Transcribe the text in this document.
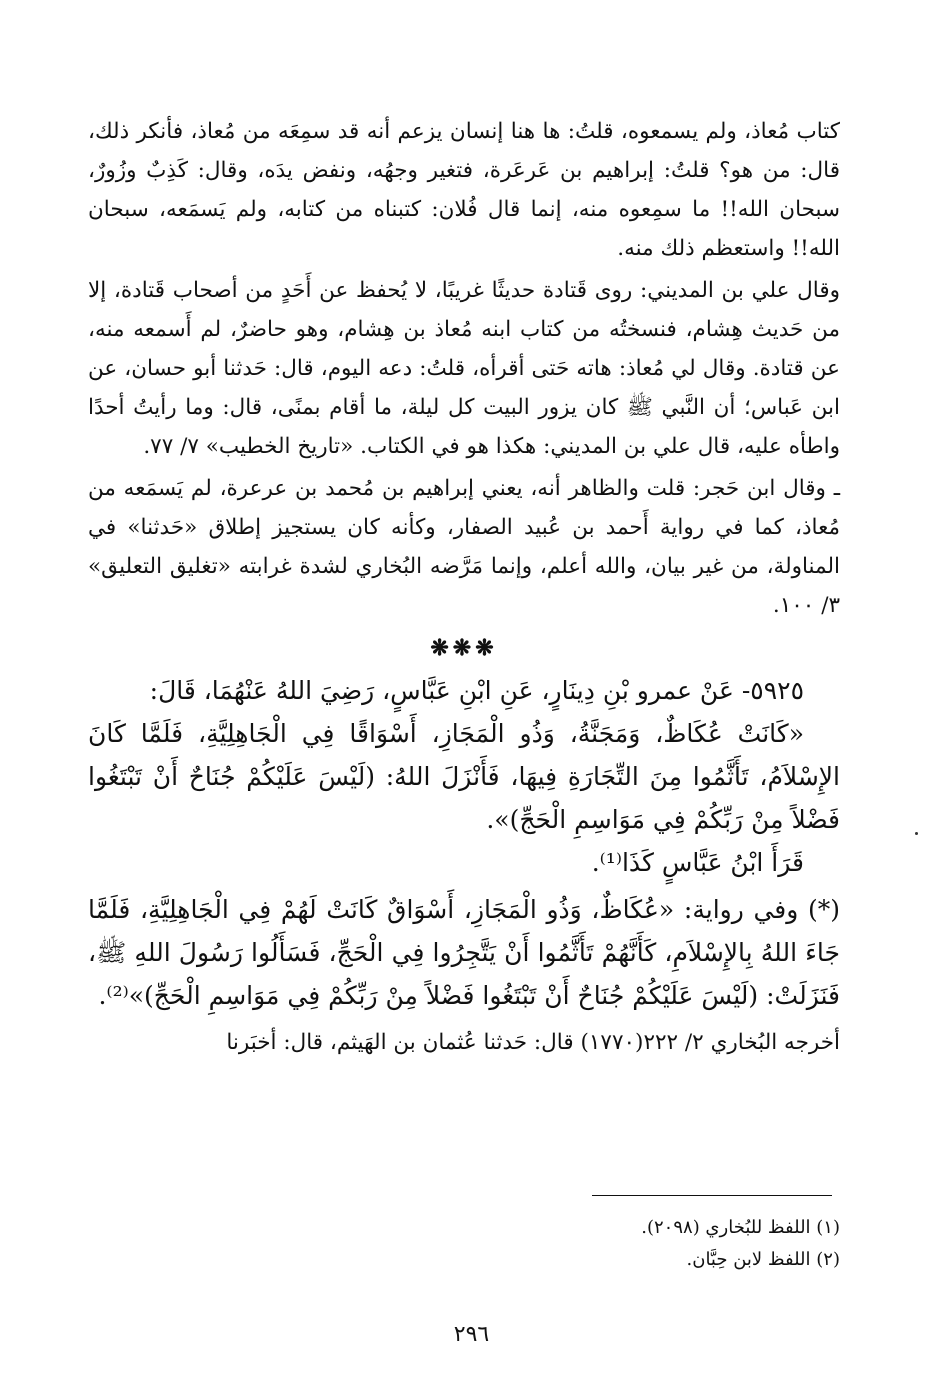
كتاب مُعاذ، ولم يسمعوه، قلتُ: ها هنا إنسان يزعم أنه قد سمِعَه من مُعاذ، فأنكر ذلك، قال: من هو؟ قلتُ: إبراهيم بن عَرعَرة، فتغير وجهُه، ونفض يدَه، وقال: كَذِبٌ وزُورٌ، سبحان الله!! ما سمِعوه منه، إنما قال فُلان: كتبناه من كتابه، ولم يَسمَعه، سبحان الله!! واستعظم ذلك منه.

وقال علي بن المديني: روى قَتادة حديثًا غريبًا، لا يُحفظ عن أَحَدٍ من أصحاب قَتادة، إلا من حَديث هِشام، فنسختُه من كتاب ابنه مُعاذ بن هِشام، وهو حاضرٌ، لم أَسمعه منه، عن قتادة. وقال لي مُعاذ: هاته حَتى أقرأه، قلتُ: دعه اليوم، قال: حَدثنا أبو حسان، عن ابن عَباس؛ أن النَّبي ﷺ كان يزور البيت كل ليلة، ما أقام بمنًى، قال: وما رأيتُ أحدًا واطأه عليه، قال علي بن المديني: هكذا هو في الكتاب. «تاريخ الخطيب» ٧/ ٧٧.

ـ وقال ابن حَجر: قلت والظاهر أنه، يعني إبراهيم بن مُحمد بن عرعرة، لم يَسمَعه من مُعاذ، كما في رواية أَحمد بن عُبيد الصفار، وكأنه كان يستجيز إطلاق «حَدثنا» في المناولة، من غير بيان، والله أعلم، وإنما مَرَّضه البُخاري لشدة غرابته «تغليق التعليق» ٣/ ١٠٠.

❋❋❋

٥٩٢٥- عَنْ عمرو بْنِ دِينَارٍ، عَنِ ابْنِ عَبَّاسٍ، رَضِيَ اللهُ عَنْهُمَا، قَالَ:

«كَانَتْ عُكَاظٌ، وَمَجَنَّةُ، وَذُو الْمَجَازِ، أَسْوَاقًا فِي الْجَاهِلِيَّةِ، فَلَمَّا كَانَ الإِسْلاَمُ، تَأَثَّمُوا مِنَ التِّجَارَةِ فِيهَا، فَأَنْزَلَ اللهُ: (لَيْسَ عَلَيْكُمْ جُنَاحٌ أَنْ تَبْتَغُوا فَضْلاً مِنْ رَبِّكُمْ فِي مَوَاسِمِ الْحَجِّ)».

قَرَأَ ابْنُ عَبَّاسٍ كَذَا⁽¹⁾.

(*) وفي رواية: «عُكَاظٌ، وَذُو الْمَجَازِ، أَسْوَاقٌ كَانَتْ لَهُمْ فِي الْجَاهِلِيَّةِ، فَلَمَّا جَاءَ اللهُ بِالإِسْلاَمِ، كَأَنَّهُمْ تَأَثَّمُوا أَنْ يَتَّجِرُوا فِي الْحَجِّ، فَسَأَلُوا رَسُولَ اللهِ ﷺ، فَنَزَلَتْ: (لَيْسَ عَلَيْكُمْ جُنَاحٌ أَنْ تَبْتَغُوا فَضْلاً مِنْ رَبِّكُمْ فِي مَوَاسِمِ الْحَجِّ)»⁽²⁾.

أخرجه البُخاري ٢/ ٢٢٢(١٧٧٠) قال: حَدثنا عُثمان بن الهَيثم، قال: أخبَرنا

(١) اللفظ للبُخاري (٢٠٩٨).

(٢) اللفظ لابن حِبَّان.

٢٩٦
